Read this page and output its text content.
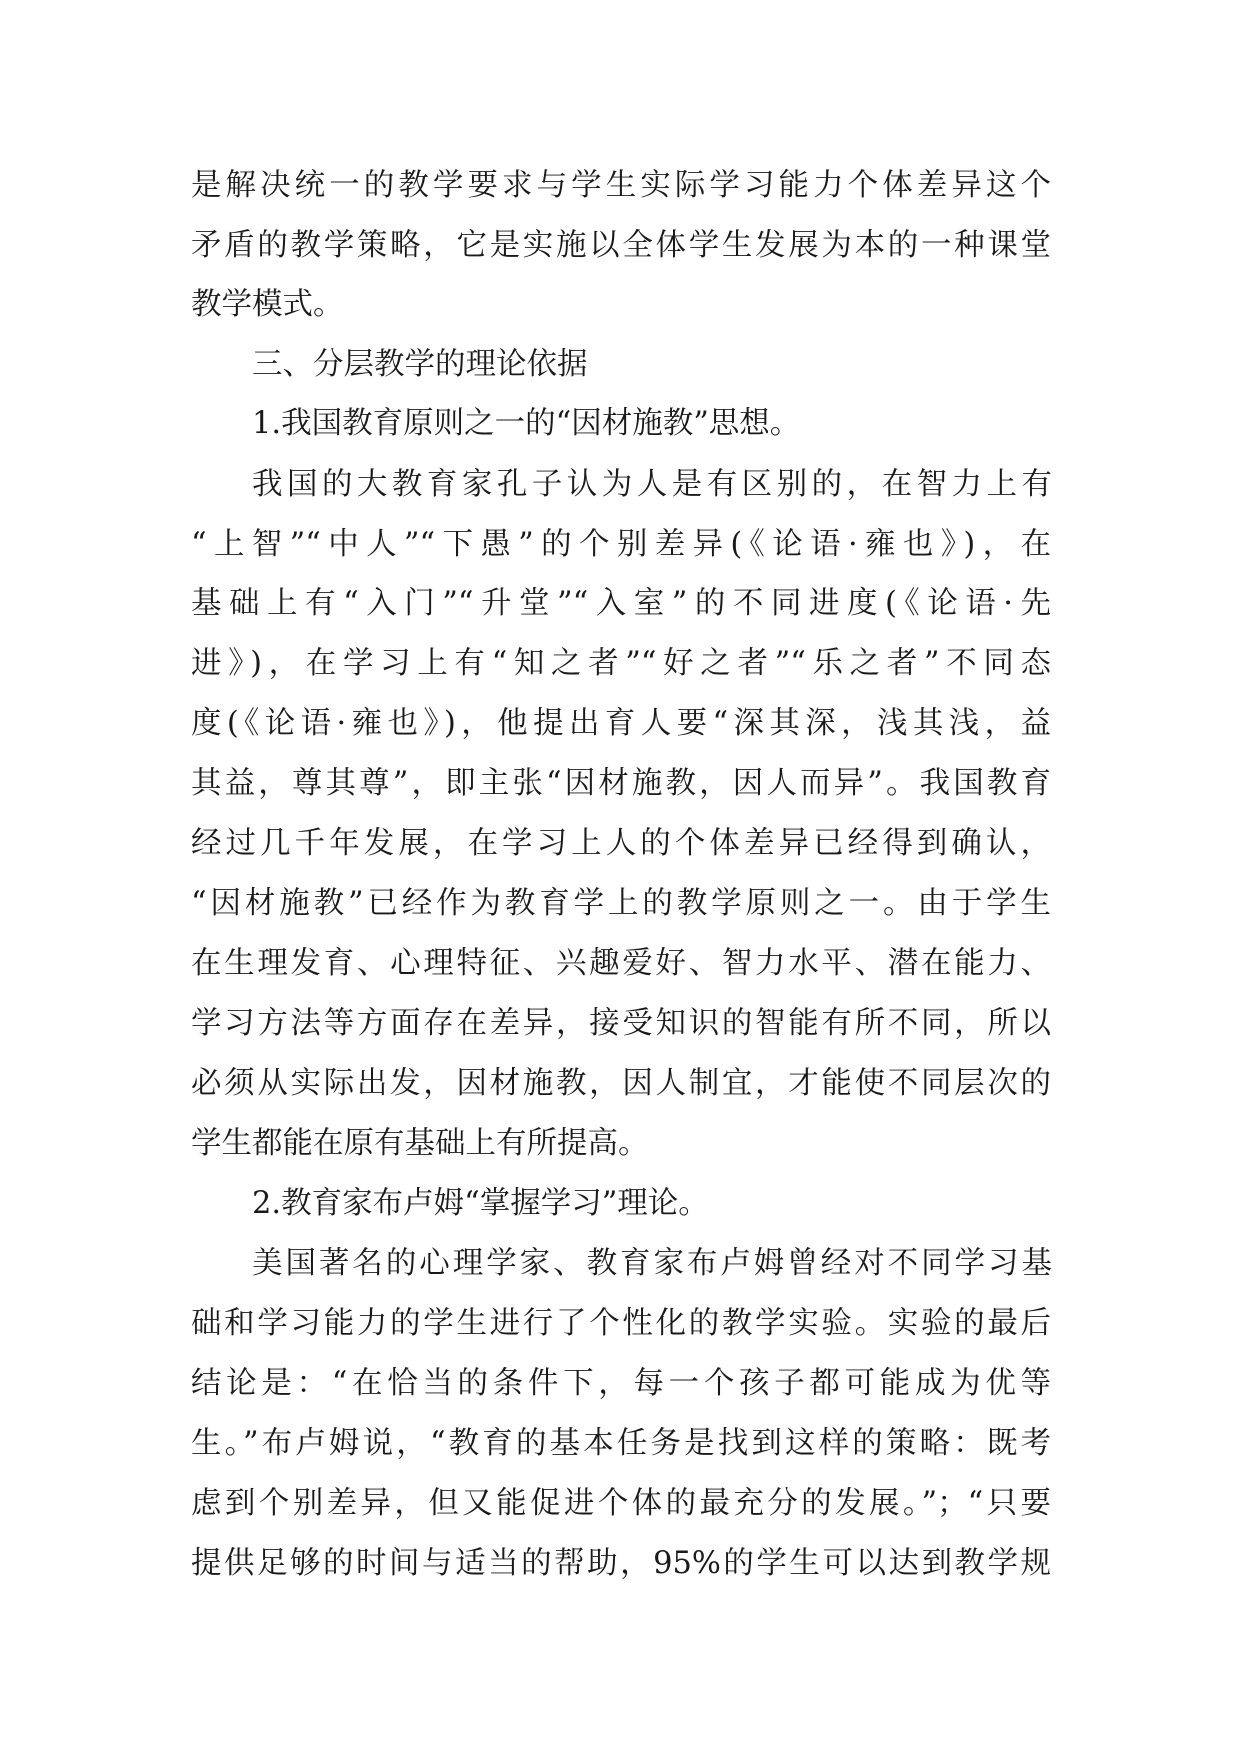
是解决统一的教学要求与学生实际学习能力个体差异这个
矛盾的教学策略，它是实施以全体学生发展为本的一种课堂
教学模式。
三、分层教学的理论依据
1.我国教育原则之一的“因材施教”思想。
我国的大教育家孔子认为人是有区别的，在智力上有
“上智”“中人”“下愚”的个别差异(《论语·雍也》)，在
基础上有“入门”“升堂”“入室”的不同进度(《论语·先
进》)，在学习上有“知之者”“好之者”“乐之者”不同态
度(《论语·雍也》)，他提出育人要“深其深，浅其浅，益
其益，尊其尊”，即主张“因材施教，因人而异”。我国教育
经过几千年发展，在学习上人的个体差异已经得到确认，
“因材施教”已经作为教育学上的教学原则之一。由于学生
在生理发育、心理特征、兴趣爱好、智力水平、潜在能力、
学习方法等方面存在差异，接受知识的智能有所不同，所以
必须从实际出发，因材施教，因人制宜，才能使不同层次的
学生都能在原有基础上有所提高。
2.教育家布卢姆“掌握学习”理论。
美国著名的心理学家、教育家布卢姆曾经对不同学习基
础和学习能力的学生进行了个性化的教学实验。实验的最后
结论是：“在恰当的条件下，每一个孩子都可能成为优等
生。”布卢姆说，“教育的基本任务是找到这样的策略：既考
虑到个别差异，但又能促进个体的最充分的发展。”；“只要
提供足够的时间与适当的帮助，95%的学生可以达到教学规
